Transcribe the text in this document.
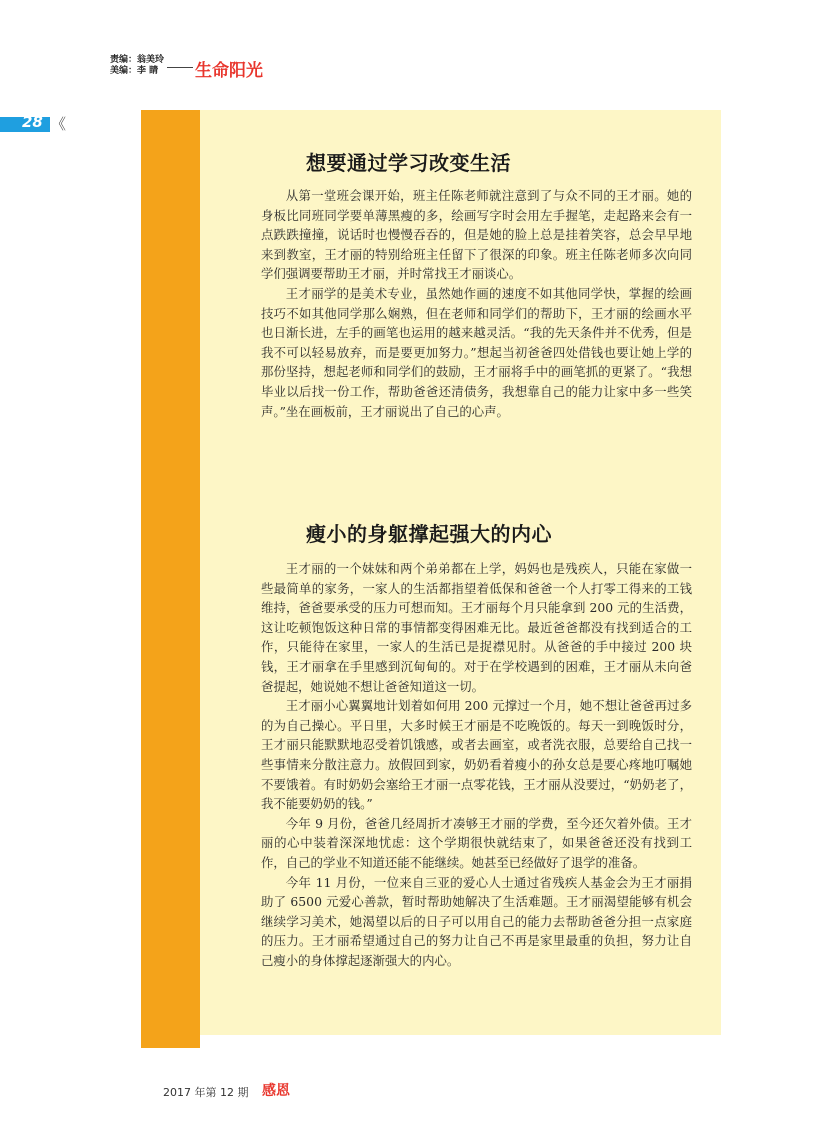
责编：翁美玲
美编：李 睛	生命阳光
28 《
想要通过学习改变生活

从第一堂班会课开始，班主任陈老师就注意到了与众不同的王才丽。她的身板比同班同学要单薄黑瘦的多，绘画写字时会用左手握笔，走起路来会有一点跌跌撞撞，说话时也慢慢吞吞的，但是她的脸上总是挂着笑容，总会早早地来到教室，王才丽的特别给班主任留下了很深的印象。班主任陈老师多次向同学们强调要帮助王才丽，并时常找王才丽谈心。

王才丽学的是美术专业，虽然她作画的速度不如其他同学快，掌握的绘画技巧不如其他同学那么娴熟，但在老师和同学们的帮助下，王才丽的绘画水平也日渐长进，左手的画笔也运用的越来越灵活。“我的先天条件并不优秀，但是我不可以轻易放弃，而是要更加努力。”想起当初爸爸四处借钱也要让她上学的那份坚持，想起老师和同学们的鼓励，王才丽将手中的画笔抓的更紧了。“我想毕业以后找一份工作，帮助爸爸还清债务，我想靠自己的能力让家中多一些笑声。”坐在画板前，王才丽说出了自己的心声。

瘦小的身躯撑起强大的内心

王才丽的一个妹妹和两个弟弟都在上学，妈妈也是残疾人，只能在家做一些最简单的家务，一家人的生活都指望着低保和爸爸一个人打零工得来的工钱维持，爸爸要承受的压力可想而知。王才丽每个月只能拿到 200 元的生活费，这让吃顿饱饭这种日常的事情都变得困难无比。最近爸爸都没有找到适合的工作，只能待在家里，一家人的生活已是捉襟见肘。从爸爸的手中接过 200 块钱，王才丽拿在手里感到沉甸甸的。对于在学校遇到的困难，王才丽从未向爸爸提起，她说她不想让爸爸知道这一切。

王才丽小心翼翼地计划着如何用 200 元撑过一个月，她不想让爸爸再过多的为自己操心。平日里，大多时候王才丽是不吃晚饭的。每天一到晚饭时分，王才丽只能默默地忍受着饥饿感，或者去画室，或者洗衣服，总要给自己找一些事情来分散注意力。放假回到家，奶奶看着瘦小的孙女总是要心疼地叮嘱她不要饿着。有时奶奶会塞给王才丽一点零花钱，王才丽从没要过，“奶奶老了，我不能要奶奶的钱。”

今年 9 月份，爸爸几经周折才凑够王才丽的学费，至今还欠着外债。王才丽的心中装着深深地忧虑：这个学期很快就结束了，如果爸爸还没有找到工作，自己的学业不知道还能不能继续。她甚至已经做好了退学的准备。

今年 11 月份，一位来自三亚的爱心人士通过省残疾人基金会为王才丽捐助了 6500 元爱心善款，暂时帮助她解决了生活难题。王才丽渴望能够有机会继续学习美术，她渴望以后的日子可以用自己的能力去帮助爸爸分担一点家庭的压力。王才丽希望通过自己的努力让自己不再是家里最重的负担，努力让自己瘦小的身体撑起逐渐强大的内心。

2017 年第 12 期 感恩
